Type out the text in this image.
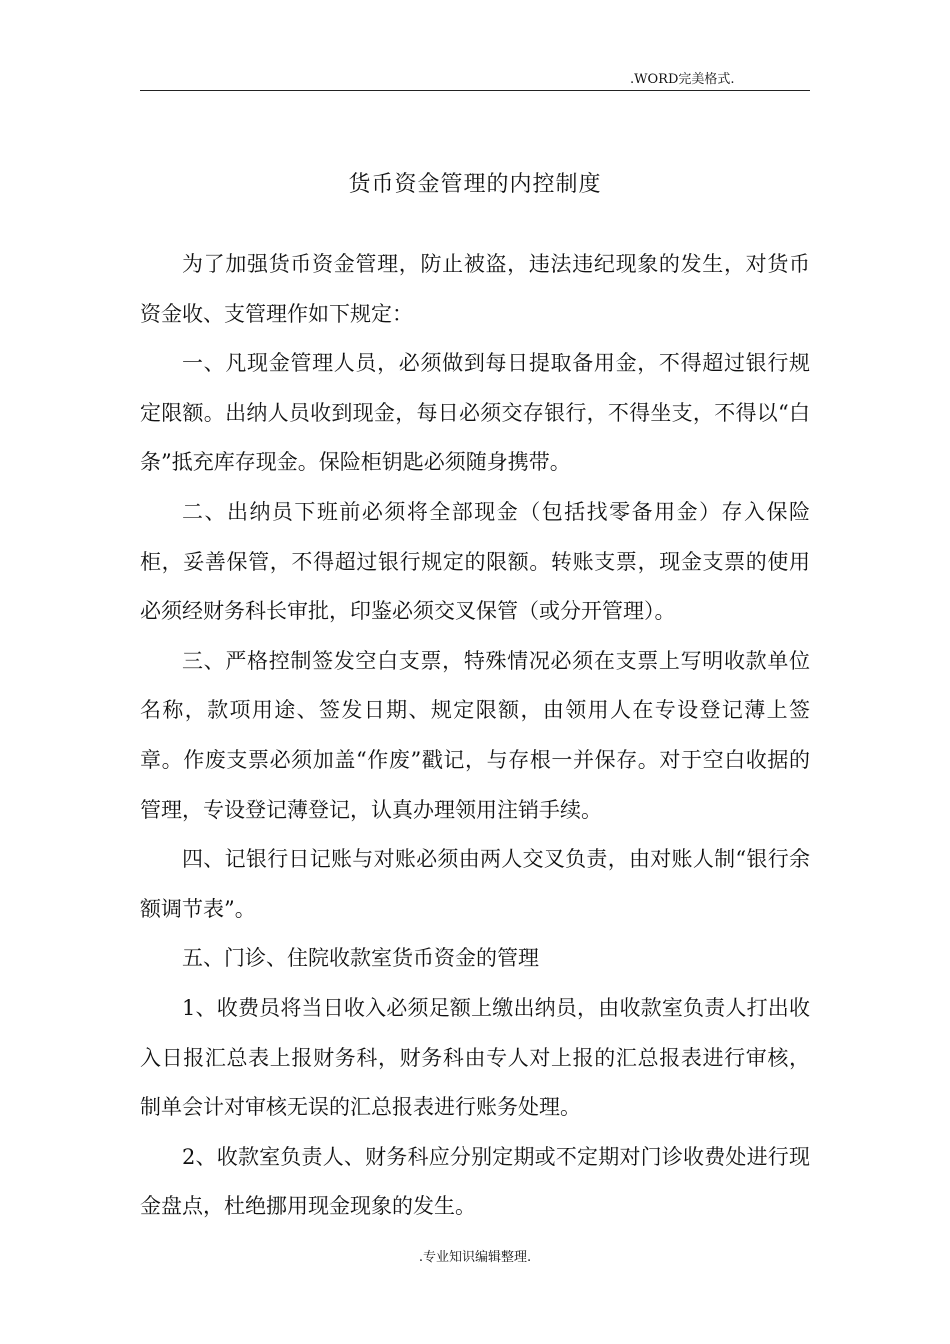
.WORD完美格式.
货币资金管理的内控制度

为了加强货币资金管理，防止被盗，违法违纪现象的发生，对货币资金收、支管理作如下规定：

一、凡现金管理人员，必须做到每日提取备用金，不得超过银行规定限额。出纳人员收到现金，每日必须交存银行，不得坐支，不得以“白条”抵充库存现金。保险柜钥匙必须随身携带。

二、出纳员下班前必须将全部现金（包括找零备用金）存入保险柜，妥善保管，不得超过银行规定的限额。转账支票，现金支票的使用必须经财务科长审批，印鉴必须交叉保管（或分开管理）。

三、严格控制签发空白支票，特殊情况必须在支票上写明收款单位名称，款项用途、签发日期、规定限额，由领用人在专设登记薄上签章。作废支票必须加盖“作废”戳记，与存根一并保存。对于空白收据的管理，专设登记薄登记，认真办理领用注销手续。

四、记银行日记账与对账必须由两人交叉负责，由对账人制“银行余额调节表”。

五、门诊、住院收款室货币资金的管理

1、收费员将当日收入必须足额上缴出纳员，由收款室负责人打出收入日报汇总表上报财务科，财务科由专人对上报的汇总报表进行审核，制单会计对审核无误的汇总报表进行账务处理。

2、收款室负责人、财务科应分别定期或不定期对门诊收费处进行现金盘点，杜绝挪用现金现象的发生。

.专业知识编辑整理.
